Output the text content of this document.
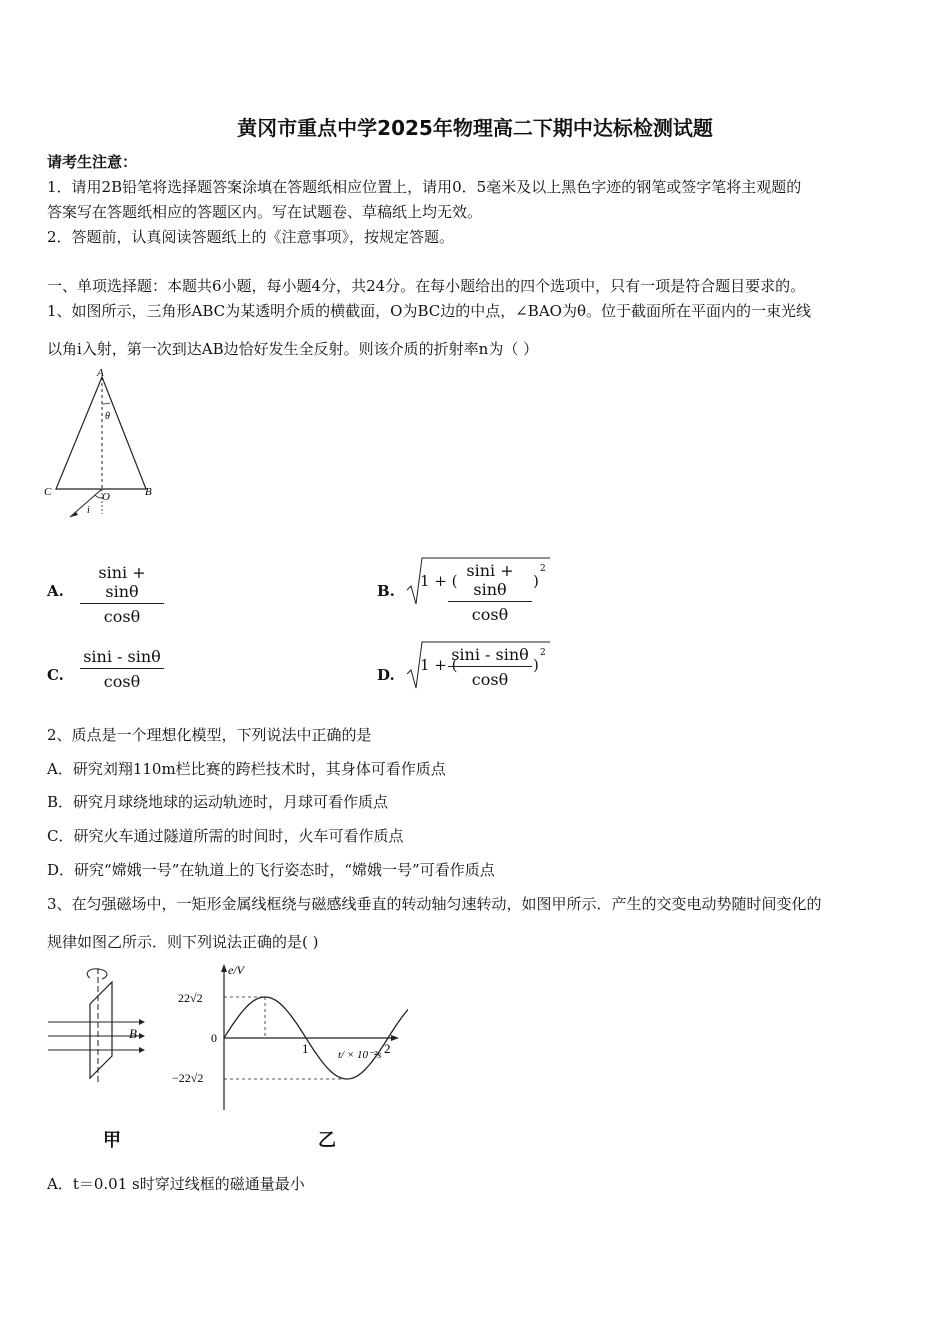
黄冈市重点中学2025年物理高二下期中达标检测试题
请考生注意：
1．请用2B铅笔将选择题答案涂填在答题纸相应位置上，请用0．5毫米及以上黑色字迹的钢笔或签字笔将主观题的
答案写在答题纸相应的答题区内。写在试题卷、草稿纸上均无效。
2．答题前，认真阅读答题纸上的《注意事项》，按规定答题。
一、单项选择题：本题共6小题，每小题4分，共24分。在每小题给出的四个选项中，只有一项是符合题目要求的。
1、如图所示，三角形ABC为某透明介质的横截面，O为BC边的中点，∠BAO为θ。位于截面所在平面内的一束光线
以角i入射，第一次到达AB边恰好发生全反射。则该介质的折射率n为（ ）
A
θ
C	B
O
i
A. $\frac{\sin i + \sin\theta}{\cos\theta}$	B.
1 + (
$\frac{\sin i + \sin\theta}{\cos\theta}$ )
2
C. $\frac{\sin i - \sin\theta}{\cos\theta}$	D.
1 + (
$\frac{\sin i - \sin\theta}{\cos\theta}$ )
2
2、质点是一个理想化模型，下列说法中正确的是
A．研究刘翔110m栏比赛的跨栏技术时，其身体可看作质点
B．研究月球绕地球的运动轨迹时，月球可看作质点
C．研究火车通过隧道所需的时间时，火车可看作质点
D．研究“嫦娥一号”在轨道上的飞行姿态时，“嫦娥一号”可看作质点
3、在匀强磁场中，一矩形金属线框绕与磁感线垂直的转动轴匀速转动，如图甲所示．产生的交变电动势随时间变化的
规律如图乙所示．则下列说法正确的是( )
B
甲
e/V
22√2
0
−22√2
1	2
t/ × 10⁻²s
乙
A．t＝0.01 s时穿过线框的磁通量最小
